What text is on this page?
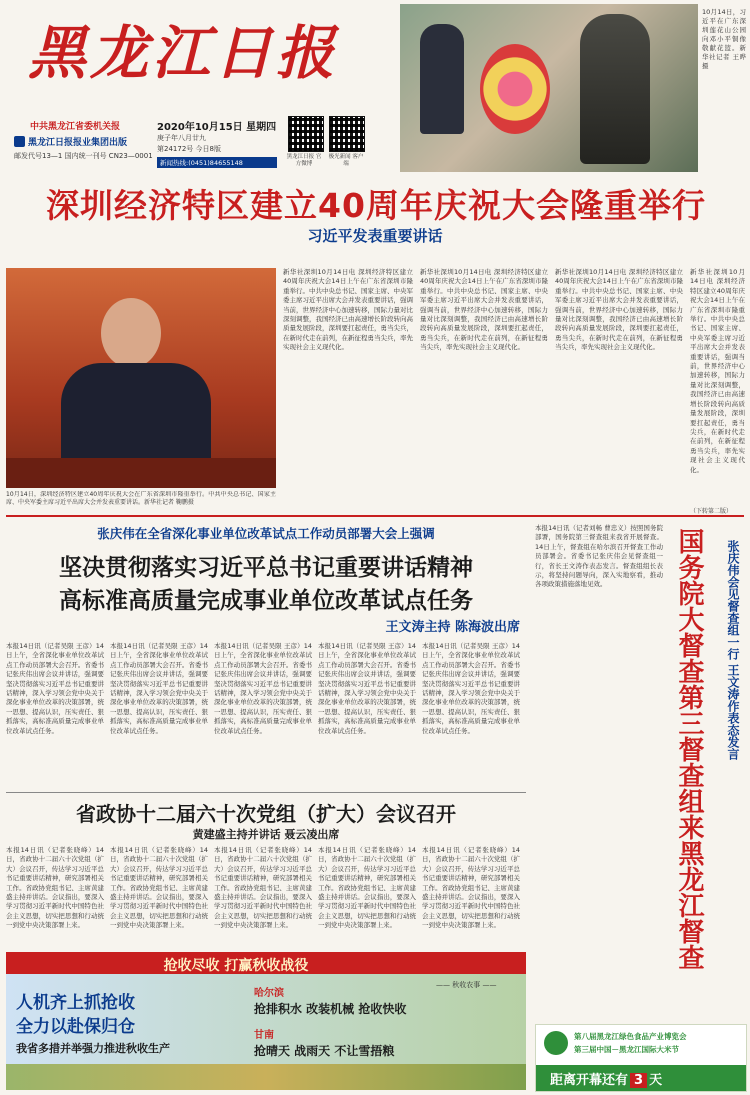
黑龙江日报
中共黑龙江省委机关报
黑龙江日报报业集团出版
邮发代号13—1 国内统一刊号 CN23—0001
2020年10月15日 星期四
庚子年八月廿九
第24172号 今日8版
新闻热线:(0451)84655148
黑龙江日报 官方微博
极光新闻 客户端
10月14日，习近平在广东深圳莲花山公园向邓小平铜像敬献花篮。新华社记者 王晔摄
深圳经济特区建立40周年庆祝大会隆重举行
习近平发表重要讲话
10月14日，深圳经济特区建立40周年庆祝大会在广东省深圳市隆重举行。中共中央总书记、国家主席、中央军委主席习近平出席大会并发表重要讲话。新华社记者 鞠鹏摄
新华社深圳10月14日电 深圳经济特区建立40周年庆祝大会14日上午在广东省深圳市隆重举行。中共中央总书记、国家主席、中央军委主席习近平出席大会并发表重要讲话，强调当前，世界经济中心加速转移，国际力量对比深刻调整，我国经济已由高速增长阶段转向高质量发展阶段，深圳要扛起责任，勇当尖兵，在新时代走在前列，在新征程勇当尖兵，率先实现社会主义现代化。
新华社深圳10月14日电 深圳经济特区建立40周年庆祝大会14日上午在广东省深圳市隆重举行。中共中央总书记、国家主席、中央军委主席习近平出席大会并发表重要讲话，强调当前，世界经济中心加速转移，国际力量对比深刻调整，我国经济已由高速增长阶段转向高质量发展阶段，深圳要扛起责任，勇当尖兵，在新时代走在前列，在新征程勇当尖兵，率先实现社会主义现代化。
新华社深圳10月14日电 深圳经济特区建立40周年庆祝大会14日上午在广东省深圳市隆重举行。中共中央总书记、国家主席、中央军委主席习近平出席大会并发表重要讲话，强调当前，世界经济中心加速转移，国际力量对比深刻调整，我国经济已由高速增长阶段转向高质量发展阶段，深圳要扛起责任，勇当尖兵，在新时代走在前列，在新征程勇当尖兵，率先实现社会主义现代化。
新华社深圳10月14日电 深圳经济特区建立40周年庆祝大会14日上午在广东省深圳市隆重举行。中共中央总书记、国家主席、中央军委主席习近平出席大会并发表重要讲话，强调当前，世界经济中心加速转移，国际力量对比深刻调整，我国经济已由高速增长阶段转向高质量发展阶段，深圳要扛起责任，勇当尖兵，在新时代走在前列，在新征程勇当尖兵，率先实现社会主义现代化。
（下转第二版）
张庆伟在全省深化事业单位改革试点工作动员部署大会上强调
坚决贯彻落实习近平总书记重要讲话精神
高标准高质量完成事业单位改革试点任务
王文涛主持 陈海波出席
本报14日讯（记者吴限 王彦）14日上午，全省深化事业单位改革试点工作动员部署大会召开。省委书记张庆伟出席会议并讲话，强调要坚决贯彻落实习近平总书记重要讲话精神，深入学习领会党中央关于深化事业单位改革的决策部署，统一思想、提高认识，压实责任、狠抓落实，高标准高质量完成事业单位改革试点任务。
本报14日讯（记者吴限 王彦）14日上午，全省深化事业单位改革试点工作动员部署大会召开。省委书记张庆伟出席会议并讲话，强调要坚决贯彻落实习近平总书记重要讲话精神，深入学习领会党中央关于深化事业单位改革的决策部署，统一思想、提高认识，压实责任、狠抓落实，高标准高质量完成事业单位改革试点任务。
本报14日讯（记者吴限 王彦）14日上午，全省深化事业单位改革试点工作动员部署大会召开。省委书记张庆伟出席会议并讲话，强调要坚决贯彻落实习近平总书记重要讲话精神，深入学习领会党中央关于深化事业单位改革的决策部署，统一思想、提高认识，压实责任、狠抓落实，高标准高质量完成事业单位改革试点任务。
本报14日讯（记者吴限 王彦）14日上午，全省深化事业单位改革试点工作动员部署大会召开。省委书记张庆伟出席会议并讲话，强调要坚决贯彻落实习近平总书记重要讲话精神，深入学习领会党中央关于深化事业单位改革的决策部署，统一思想、提高认识，压实责任、狠抓落实，高标准高质量完成事业单位改革试点任务。
本报14日讯（记者吴限 王彦）14日上午，全省深化事业单位改革试点工作动员部署大会召开。省委书记张庆伟出席会议并讲话，强调要坚决贯彻落实习近平总书记重要讲话精神，深入学习领会党中央关于深化事业单位改革的决策部署，统一思想、提高认识，压实责任、狠抓落实，高标准高质量完成事业单位改革试点任务。
省政协十二届六十次党组（扩大）会议召开
黄建盛主持并讲话 聂云凌出席
本报14日讯（记者张晓峰）14日，省政协十二届六十次党组（扩大）会议召开，传达学习习近平总书记重要讲话精神，研究部署相关工作。省政协党组书记、主席黄建盛主持并讲话。会议指出，要深入学习贯彻习近平新时代中国特色社会主义思想，切实把思想和行动统一到党中央决策部署上来。
本报14日讯（记者张晓峰）14日，省政协十二届六十次党组（扩大）会议召开，传达学习习近平总书记重要讲话精神，研究部署相关工作。省政协党组书记、主席黄建盛主持并讲话。会议指出，要深入学习贯彻习近平新时代中国特色社会主义思想，切实把思想和行动统一到党中央决策部署上来。
本报14日讯（记者张晓峰）14日，省政协十二届六十次党组（扩大）会议召开，传达学习习近平总书记重要讲话精神，研究部署相关工作。省政协党组书记、主席黄建盛主持并讲话。会议指出，要深入学习贯彻习近平新时代中国特色社会主义思想，切实把思想和行动统一到党中央决策部署上来。
本报14日讯（记者张晓峰）14日，省政协十二届六十次党组（扩大）会议召开，传达学习习近平总书记重要讲话精神，研究部署相关工作。省政协党组书记、主席黄建盛主持并讲话。会议指出，要深入学习贯彻习近平新时代中国特色社会主义思想，切实把思想和行动统一到党中央决策部署上来。
本报14日讯（记者张晓峰）14日，省政协十二届六十次党组（扩大）会议召开，传达学习习近平总书记重要讲话精神，研究部署相关工作。省政协党组书记、主席黄建盛主持并讲话。会议指出，要深入学习贯彻习近平新时代中国特色社会主义思想，切实把思想和行动统一到党中央决策部署上来。
本报14日讯（记者刘畅 曹忠义）按照国务院部署，国务院第三督查组来我省开展督查。14日上午，督查组在哈尔滨召开督查工作动员部署会。省委书记张庆伟会见督查组一行，省长王文涛作表态发言。督查组组长表示，将坚持问题导向，深入实地察看，推动各项政策措施落地见效。	国务院大督查第三督查组来黑龙江督查	张庆伟会见督查组一行 王文涛作表态发言
抢收尽收 打赢秋收战役
—— 秋收农事 ——
人机齐上抓抢收
全力以赴保归仓
我省多措并举强力推进秋收生产
哈尔滨
抢排积水 改装机械 抢收快收
甘南
抢晴天 战雨天 不让雪捂粮
第八届黑龙江绿色食品产业博览会
第三届中国－黑龙江国际大米节
距离开幕还有 3 天
